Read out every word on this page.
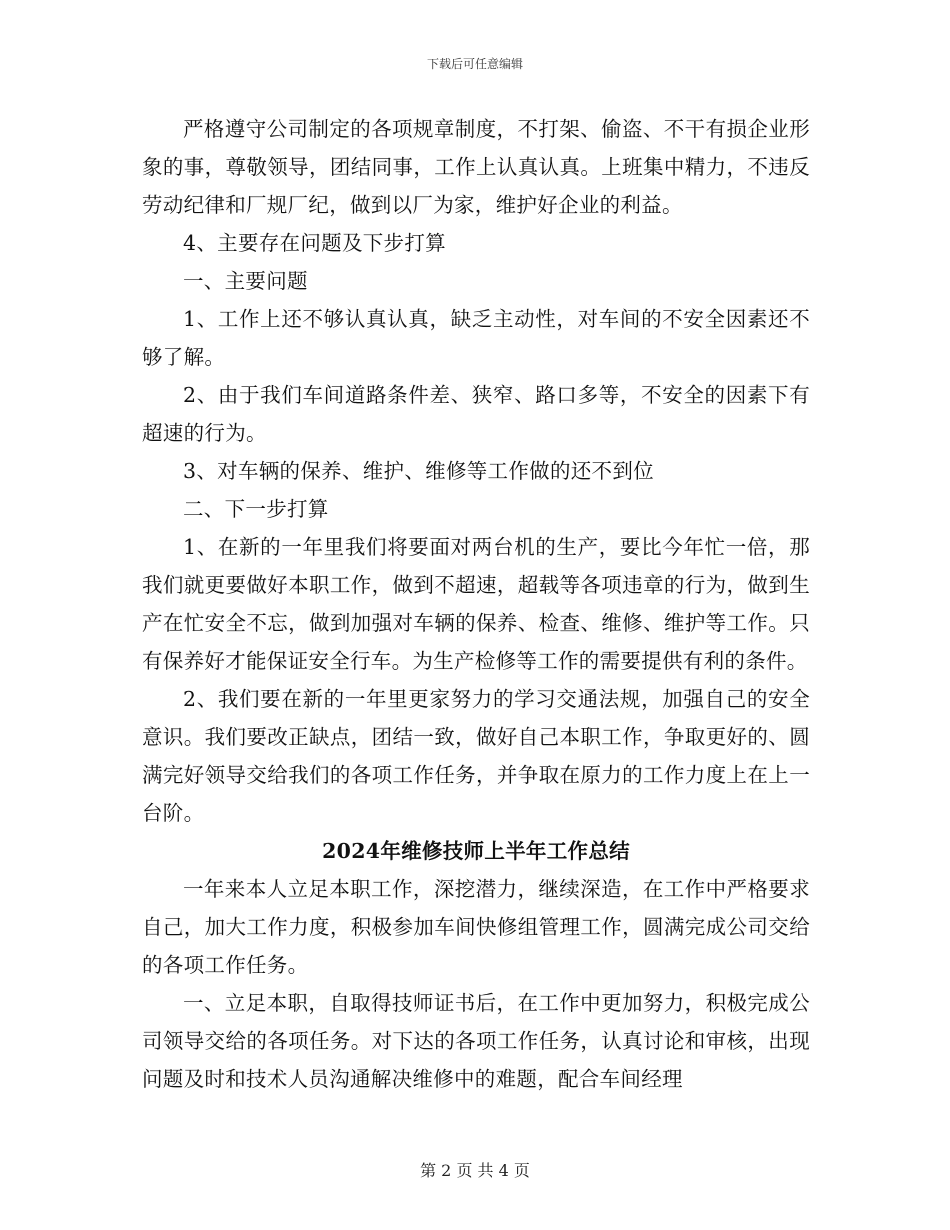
下载后可任意编辑

严格遵守公司制定的各项规章制度，不打架、偷盗、不干有损企业形象的事，尊敬领导，团结同事，工作上认真认真。上班集中精力，不违反劳动纪律和厂规厂纪，做到以厂为家，维护好企业的利益。

4、主要存在问题及下步打算

一、主要问题

1、工作上还不够认真认真，缺乏主动性，对车间的不安全因素还不够了解。

2、由于我们车间道路条件差、狭窄、路口多等，不安全的因素下有超速的行为。

3、对车辆的保养、维护、维修等工作做的还不到位

二、下一步打算

1、在新的一年里我们将要面对两台机的生产，要比今年忙一倍，那我们就更要做好本职工作，做到不超速，超载等各项违章的行为，做到生产在忙安全不忘，做到加强对车辆的保养、检查、维修、维护等工作。只有保养好才能保证安全行车。为生产检修等工作的需要提供有利的条件。

2、我们要在新的一年里更家努力的学习交通法规，加强自己的安全意识。我们要改正缺点，团结一致，做好自己本职工作，争取更好的、圆满完好领导交给我们的各项工作任务，并争取在原力的工作力度上在上一台阶。

2024年维修技师上半年工作总结

一年来本人立足本职工作，深挖潜力，继续深造，在工作中严格要求自己，加大工作力度，积极参加车间快修组管理工作，圆满完成公司交给的各项工作任务。

一、立足本职，自取得技师证书后，在工作中更加努力，积极完成公司领导交给的各项任务。对下达的各项工作任务，认真讨论和审核，出现问题及时和技术人员沟通解决维修中的难题，配合车间经理

第 2 页 共 4 页
